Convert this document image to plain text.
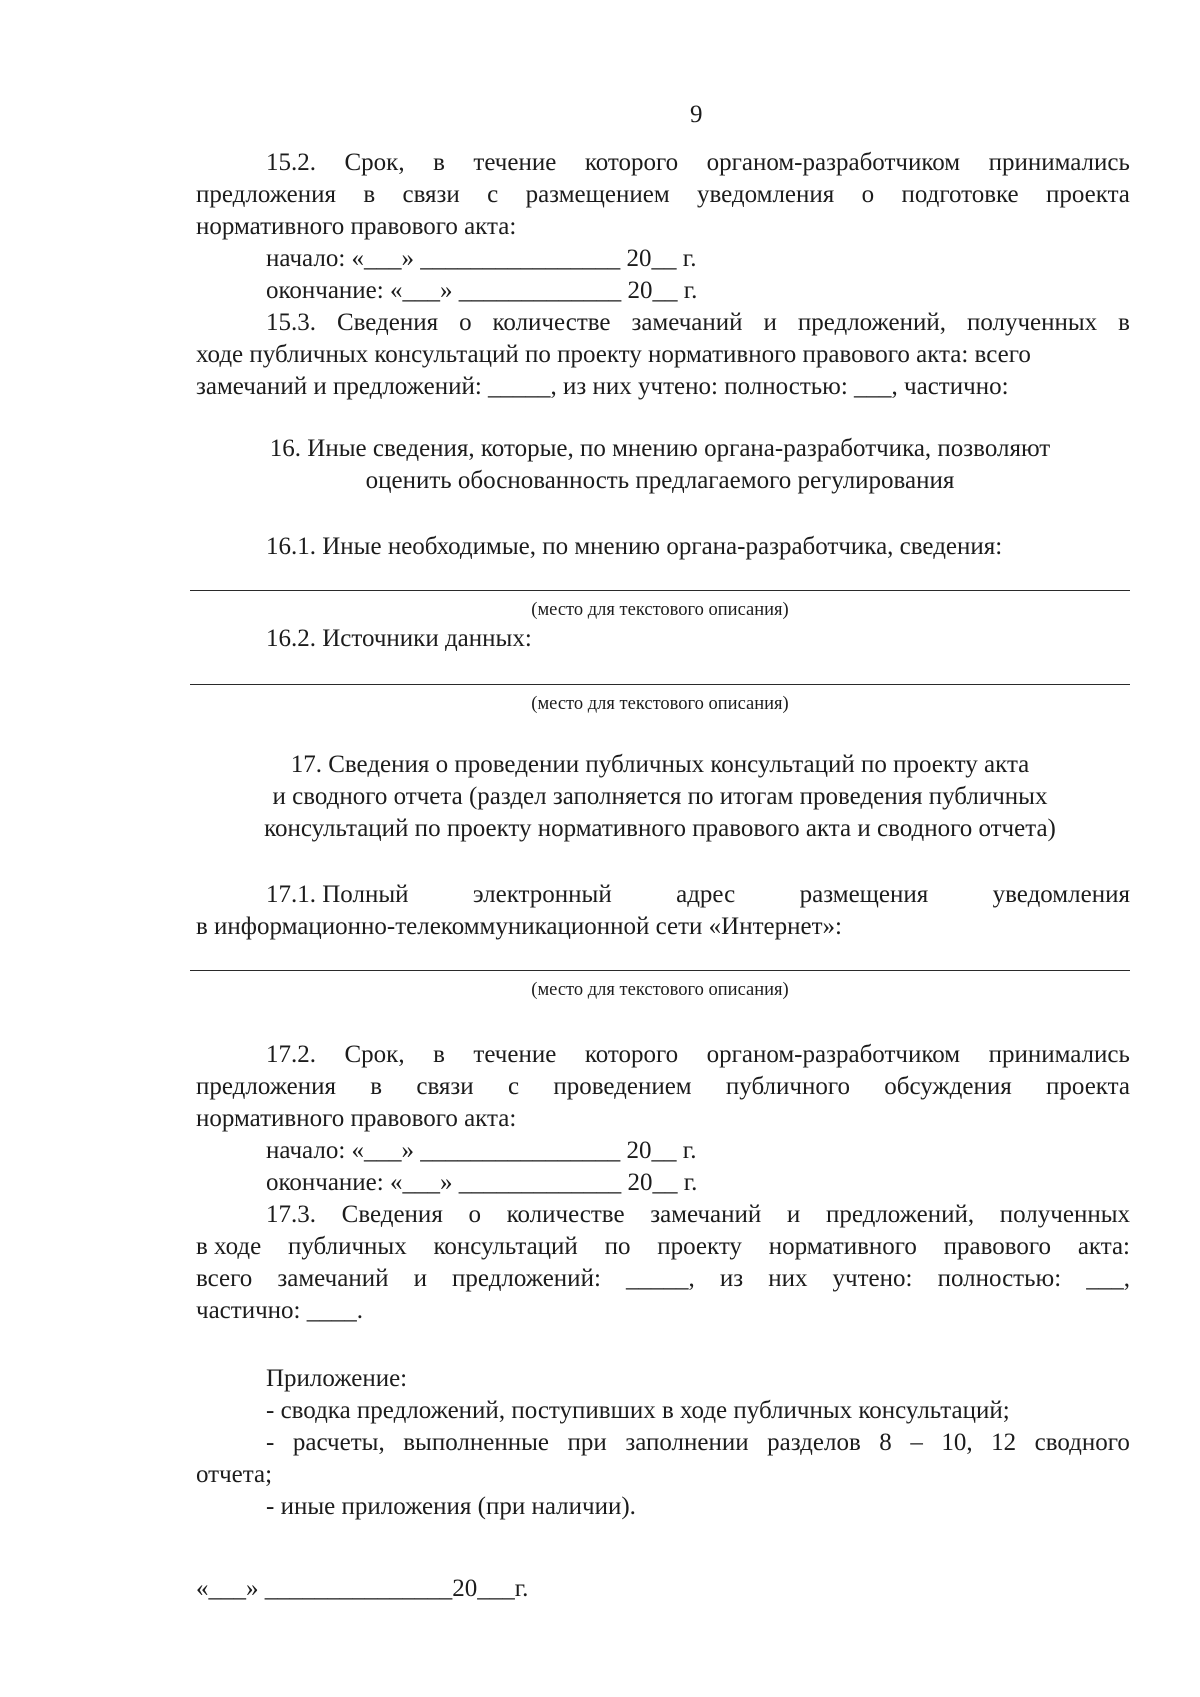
9
15.2. Срок, в течение которого органом-разработчиком принимались
предложения в связи с размещением уведомления о подготовке проекта
нормативного правового акта:
начало: «___» ________________ 20__ г.
окончание: «___» _____________ 20__ г.
15.3. Сведения о количестве замечаний и предложений, полученных в
ходе публичных консультаций по проекту нормативного правового акта: всего
замечаний и предложений: _____, из них учтено: полностью: ___, частично:
16. Иные сведения, которые, по мнению органа-разработчика, позволяют
оценить обоснованность предлагаемого регулирования
16.1. Иные необходимые, по мнению органа-разработчика, сведения:
(место для текстового описания)
16.2. Источники данных:
(место для текстового описания)
17. Сведения о проведении публичных консультаций по проекту акта
и сводного отчета (раздел заполняется по итогам проведения публичных
консультаций по проекту нормативного правового акта и сводного отчета)
17.1. Полный	электронный	адрес	размещения	уведомления
в информационно-телекоммуникационной сети «Интернет»:
(место для текстового описания)
17.2. Срок, в течение которого органом-разработчиком принимались
предложения в связи с проведением публичного обсуждения проекта
нормативного правового акта:
начало: «___» ________________ 20__ г.
окончание: «___» _____________ 20__ г.
17.3. Сведения о количестве замечаний и предложений, полученных
в ходе публичных консультаций по проекту нормативного правового акта:
всего замечаний и предложений: _____, из них учтено: полностью: ___,
частично: ____.
Приложение:
- сводка предложений, поступивших в ходе публичных консультаций;
- расчеты, выполненные при заполнении разделов 8 – 10, 12 сводного
отчета;
- иные приложения (при наличии).
«___» _______________20___г.
